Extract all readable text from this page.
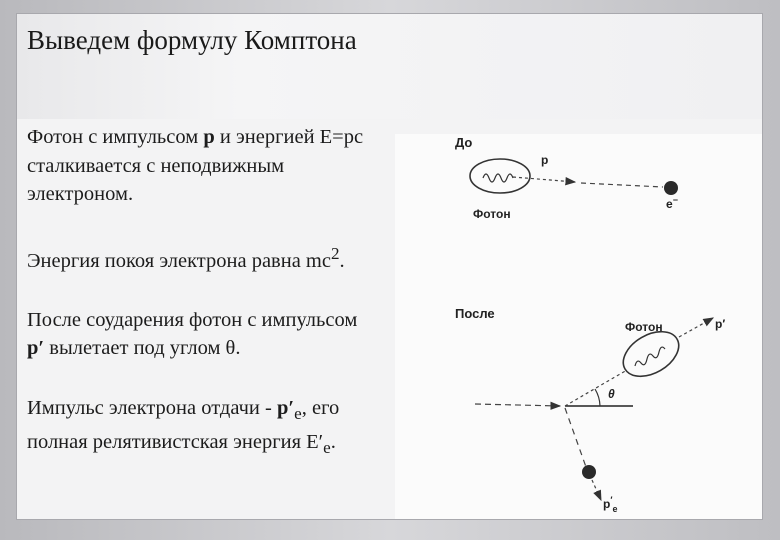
Выведем формулу Комптона

Фотон с импульсом р и энергией E=pc сталкивается с неподвижным электроном.

Энергия покоя электрона равна $mc^2$.

После соударения фотон с импульсом р′ вылетает под углом θ.

Импульс электрона отдачи - $р'_e$, его полная релятивистская энергия $E'_e$.

До
p
e−
Фотон
После
Фотон	p′
θ
$p'_e$
